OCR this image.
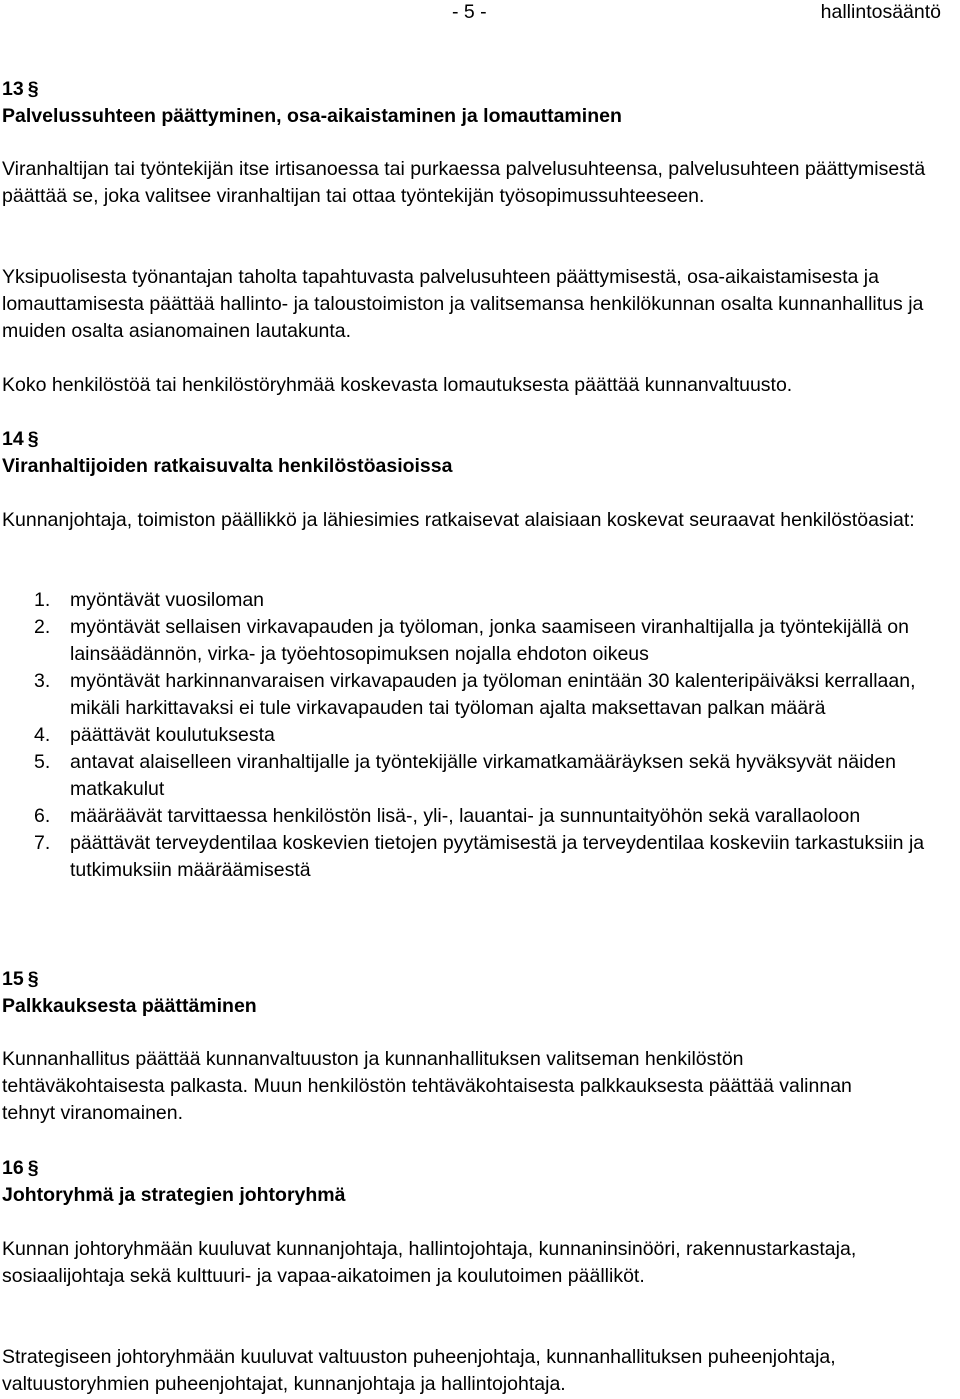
- 5 -	hallintosääntö
13 §
Palvelussuhteen päättyminen, osa-aikaistaminen ja lomauttaminen

Viranhaltijan tai työntekijän itse irtisanoessa tai purkaessa palvelusuhteensa, palvelusuhteen päättymisestä päättää se, joka valitsee viranhaltijan tai ottaa työntekijän työsopimussuhteeseen.

Yksipuolisesta työnantajan taholta tapahtuvasta palvelusuhteen päättymisestä, osa-aikaistamisesta ja lomauttamisesta päättää hallinto- ja taloustoimiston ja valitsemansa henkilökunnan osalta kunnanhallitus ja muiden osalta asianomainen lautakunta.

Koko henkilöstöä tai henkilöstöryhmää koskevasta lomautuksesta päättää kunnanvaltuusto.

14 §
Viranhaltijoiden ratkaisuvalta henkilöstöasioissa

Kunnanjohtaja, toimiston päällikkö ja lähiesimies ratkaisevat alaisiaan koskevat seuraavat henkilöstöasiat:

1. myöntävät vuosiloman
2. myöntävät sellaisen virkavapauden ja työloman, jonka saamiseen viranhaltijalla ja työntekijällä on lainsäädännön, virka- ja työehtosopimuksen nojalla ehdoton oikeus
3. myöntävät harkinnanvaraisen virkavapauden ja työloman enintään 30 kalenteripäiväksi kerrallaan, mikäli harkittavaksi ei tule virkavapauden tai työloman ajalta maksettavan palkan määrä
4. päättävät koulutuksesta
5. antavat alaiselleen viranhaltijalle ja työntekijälle virkamatkamääräyksen sekä hyväksyvät näiden matkakulut
6. määräävät tarvittaessa henkilöstön lisä-, yli-, lauantai- ja sunnuntaityöhön sekä varallaoloon
7. päättävät terveydentilaa koskevien tietojen pyytämisestä ja terveydentilaa koskeviin tarkastuksiin ja tutkimuksiin määräämisestä
15 §
Palkkauksesta päättäminen

Kunnanhallitus päättää kunnanvaltuuston ja kunnanhallituksen valitseman henkilöstön tehtäväkohtaisesta palkasta. Muun henkilöstön tehtäväkohtaisesta palkkauksesta päättää valinnan tehnyt viranomainen.

16 §
Johtoryhmä ja strategien johtoryhmä

Kunnan johtoryhmään kuuluvat kunnanjohtaja, hallintojohtaja, kunnaninsinööri, rakennustarkastaja, sosiaalijohtaja sekä kulttuuri- ja vapaa-aikatoimen ja koulutoimen päälliköt.

Strategiseen johtoryhmään kuuluvat valtuuston puheenjohtaja, kunnanhallituksen puheenjohtaja, valtuustoryhmien puheenjohtajat, kunnanjohtaja ja hallintojohtaja.
